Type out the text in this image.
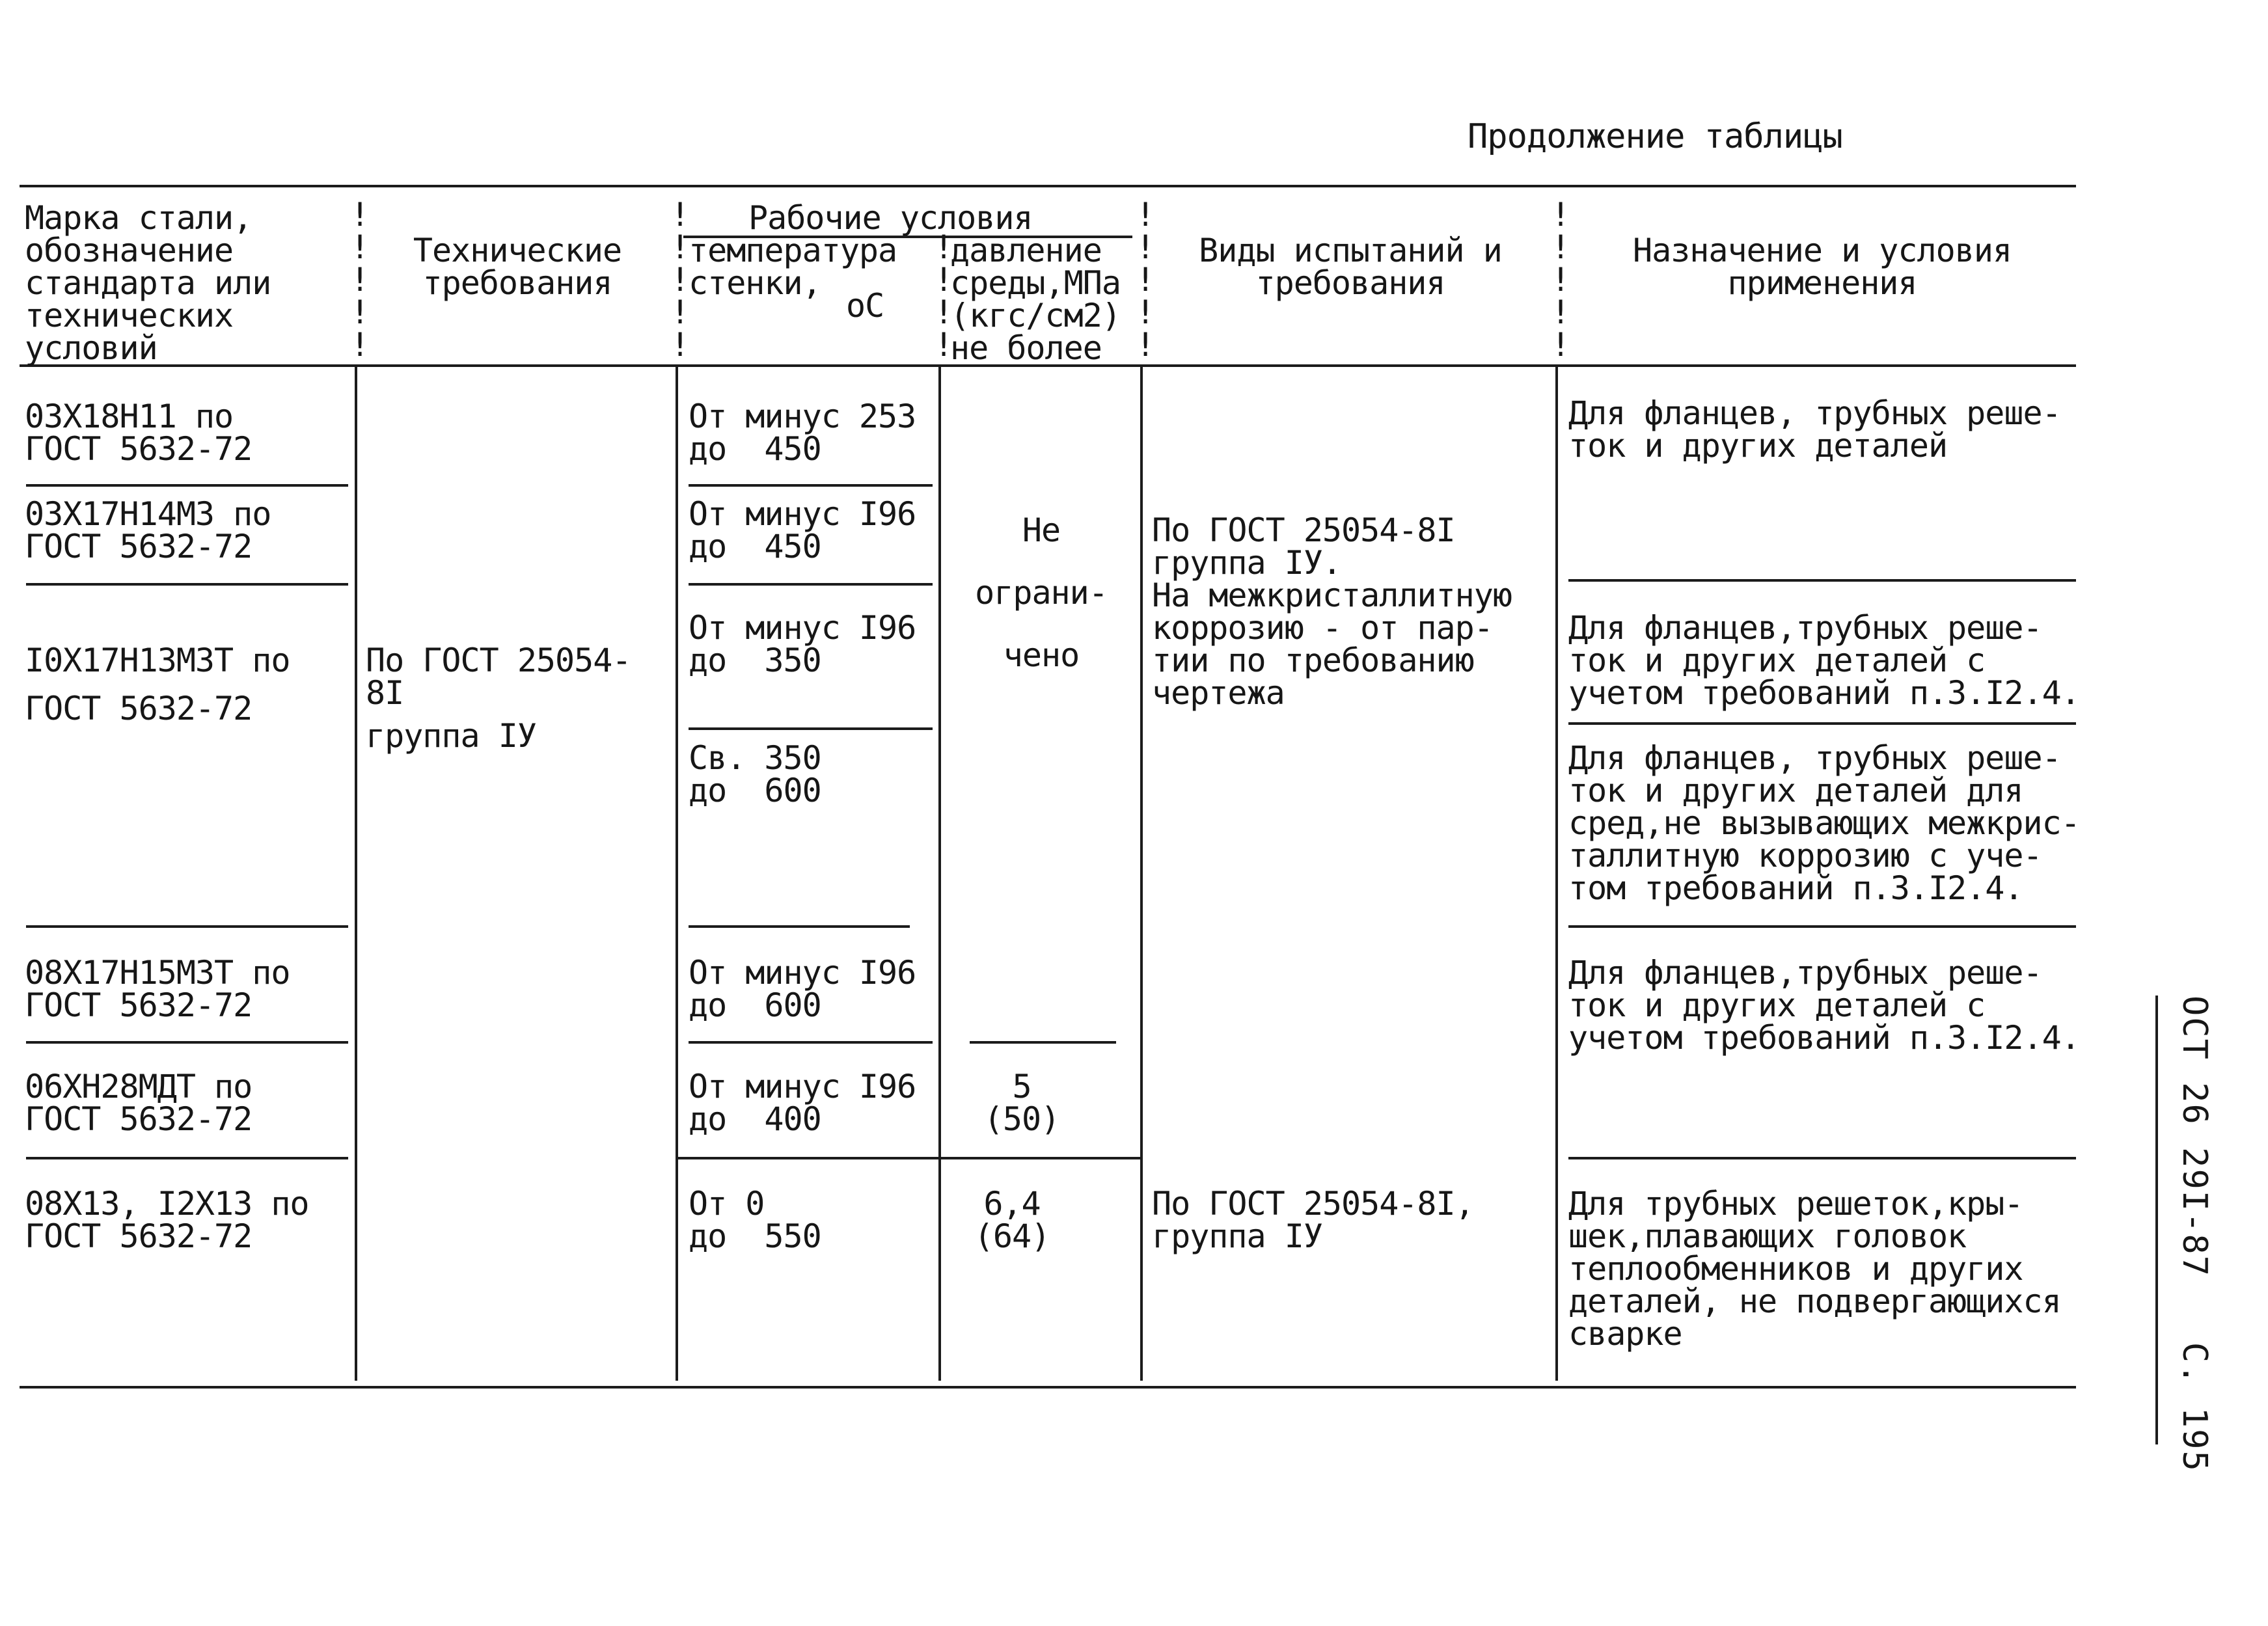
Продолжение таблицы
ОСТ 26 29I-87   С. 195
!
!
!
!
!
!
!
!
!
!
!
!
!
!
!
!
!
!
!
!
!
!
!
!
Марка стали,
обозначение
стандарта или
технических
условий
Технические
требования
Рабочие условия
температура
стенки,
оС
давление
среды,МПа
(кгс/см2)
не более
Виды испытаний и
требования
Назначение и условия
применения
03Х18Н11 по
ГОСТ 5632-72
03Х17Н14М3 по
ГОСТ 5632-72
I0Х17Н13М3Т по
ГОСТ 5632-72
08Х17Н15М3Т по
ГОСТ 5632-72
06ХН28МДТ по
ГОСТ 5632-72
08Х13, I2Х13 по
ГОСТ 5632-72
По ГОСТ 25054-
8I
группа IУ
От минус 253
до  450
От минус I96
до  450
От минус I96
до  350
Св. 350
до  600
От минус I96
до  600
От минус I96
до  400
От 0
до  550
Не
ограни-
чено
5
(50)
6,4
(64)
По ГОСТ 25054-8I
группа IУ.
На межкристаллитную
коррозию - от пар-
тии по требованию
чертежа
По ГОСТ 25054-8I,
группа IУ
Для фланцев, трубных реше-
ток и других деталей
Для фланцев,трубных реше-
ток и других деталей с
учетом требований п.3.I2.4.
Для фланцев, трубных реше-
ток и других деталей для
сред,не вызывающих межкрис-
таллитную коррозию с уче-
том требований п.3.I2.4.
Для фланцев,трубных реше-
ток и других деталей с
учетом требований п.3.I2.4.
Для трубных решеток,кры-
шек,плавающих головок
теплообменников и других
деталей, не подвергающихся
сварке
